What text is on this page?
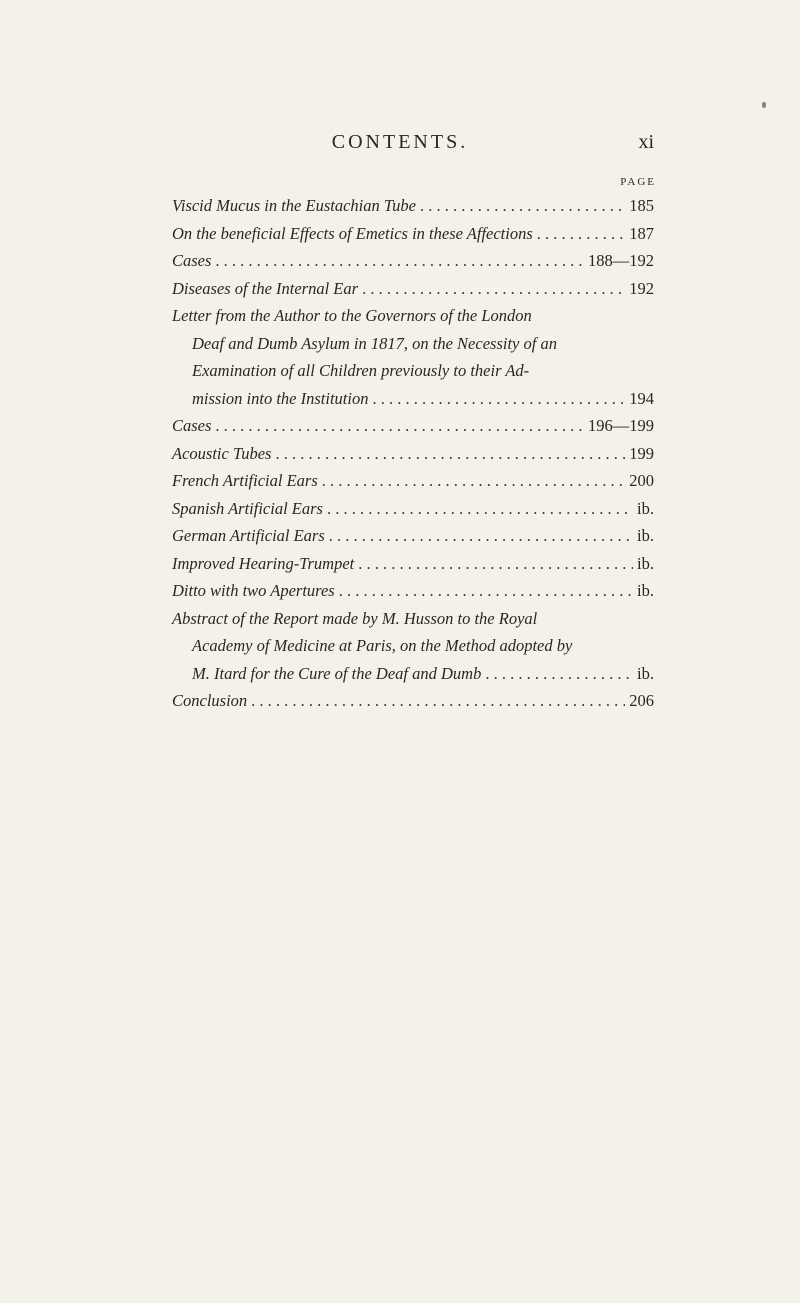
CONTENTS.	xi
PAGE
Viscid Mucus in the Eustachian Tube . . .	185
On the beneficial Effects of Emetics in these Affections . . .	187
Cases . . .	188—192
Diseases of the Internal Ear . . .	192
Letter from the Author to the Governors of the London
Deaf and Dumb Asylum in 1817, on the Necessity of an
Examination of all Children previously to their Ad-
mission into the Institution . . .	194
Cases . . .	196—199
Acoustic Tubes . . .	199
French Artificial Ears . . .	200
Spanish Artificial Ears . . .	ib.
German Artificial Ears . . .	ib.
Improved Hearing-Trumpet . . .	ib.
Ditto with two Apertures . . .	ib.
Abstract of the Report made by M. Husson to the Royal
Academy of Medicine at Paris, on the Method adopted by
M. Itard for the Cure of the Deaf and Dumb . . .	ib.
Conclusion . . .	206
